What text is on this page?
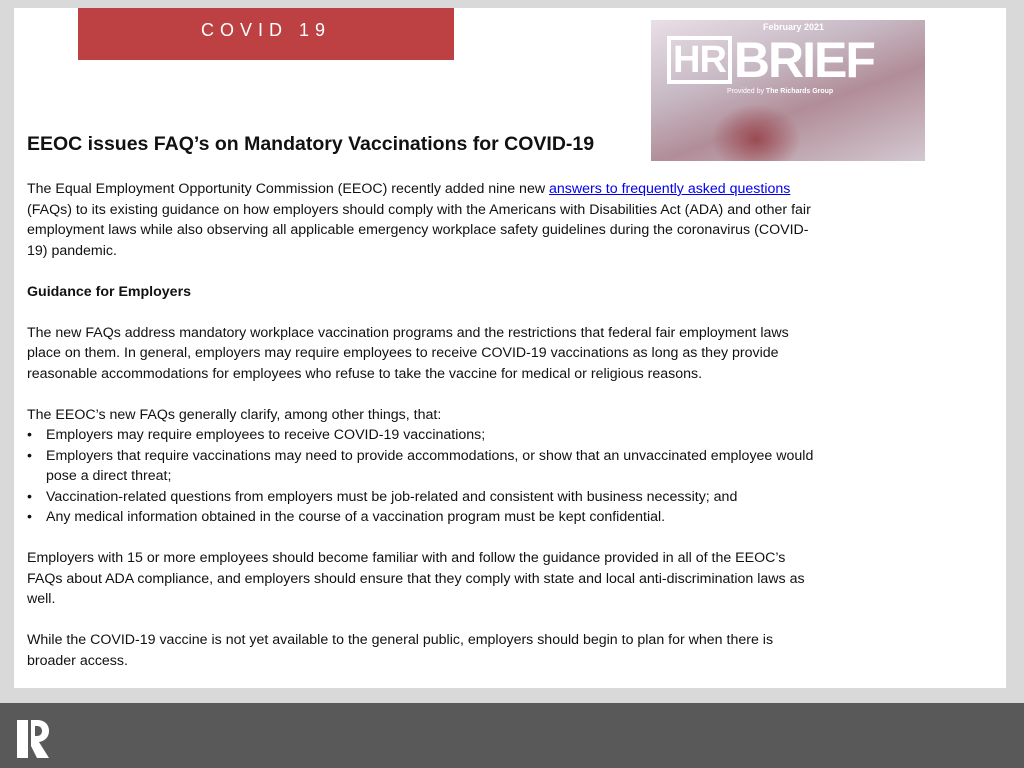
COVID 19	February 2021
HR BRIEF
Provided by The Richards Group
EEOC issues FAQ’s on Mandatory Vaccinations for COVID-19

The Equal Employment Opportunity Commission (EEOC) recently added nine new answers to frequently asked questions (FAQs) to its existing guidance on how employers should comply with the Americans with Disabilities Act (ADA) and other fair employment laws while also observing all applicable emergency workplace safety guidelines during the coronavirus (COVID-19) pandemic.

Guidance for Employers

The new FAQs address mandatory workplace vaccination programs and the restrictions that federal fair employment laws place on them. In general, employers may require employees to receive COVID-19 vaccinations as long as they provide reasonable accommodations for employees who refuse to take the vaccine for medical or religious reasons.

The EEOC’s new FAQs generally clarify, among other things, that:

• Employers may require employees to receive COVID-19 vaccinations;
• Employers that require vaccinations may need to provide accommodations, or show that an unvaccinated employee would pose a direct threat;
• Vaccination-related questions from employers must be job-related and consistent with business necessity; and
• Any medical information obtained in the course of a vaccination program must be kept confidential.

Employers with 15 or more employees should become familiar with and follow the guidance provided in all of the EEOC’s FAQs about ADA compliance, and employers should ensure that they comply with state and local anti-discrimination laws as well.

While the COVID-19 vaccine is not yet available to the general public, employers should begin to plan for when there is broader access.
